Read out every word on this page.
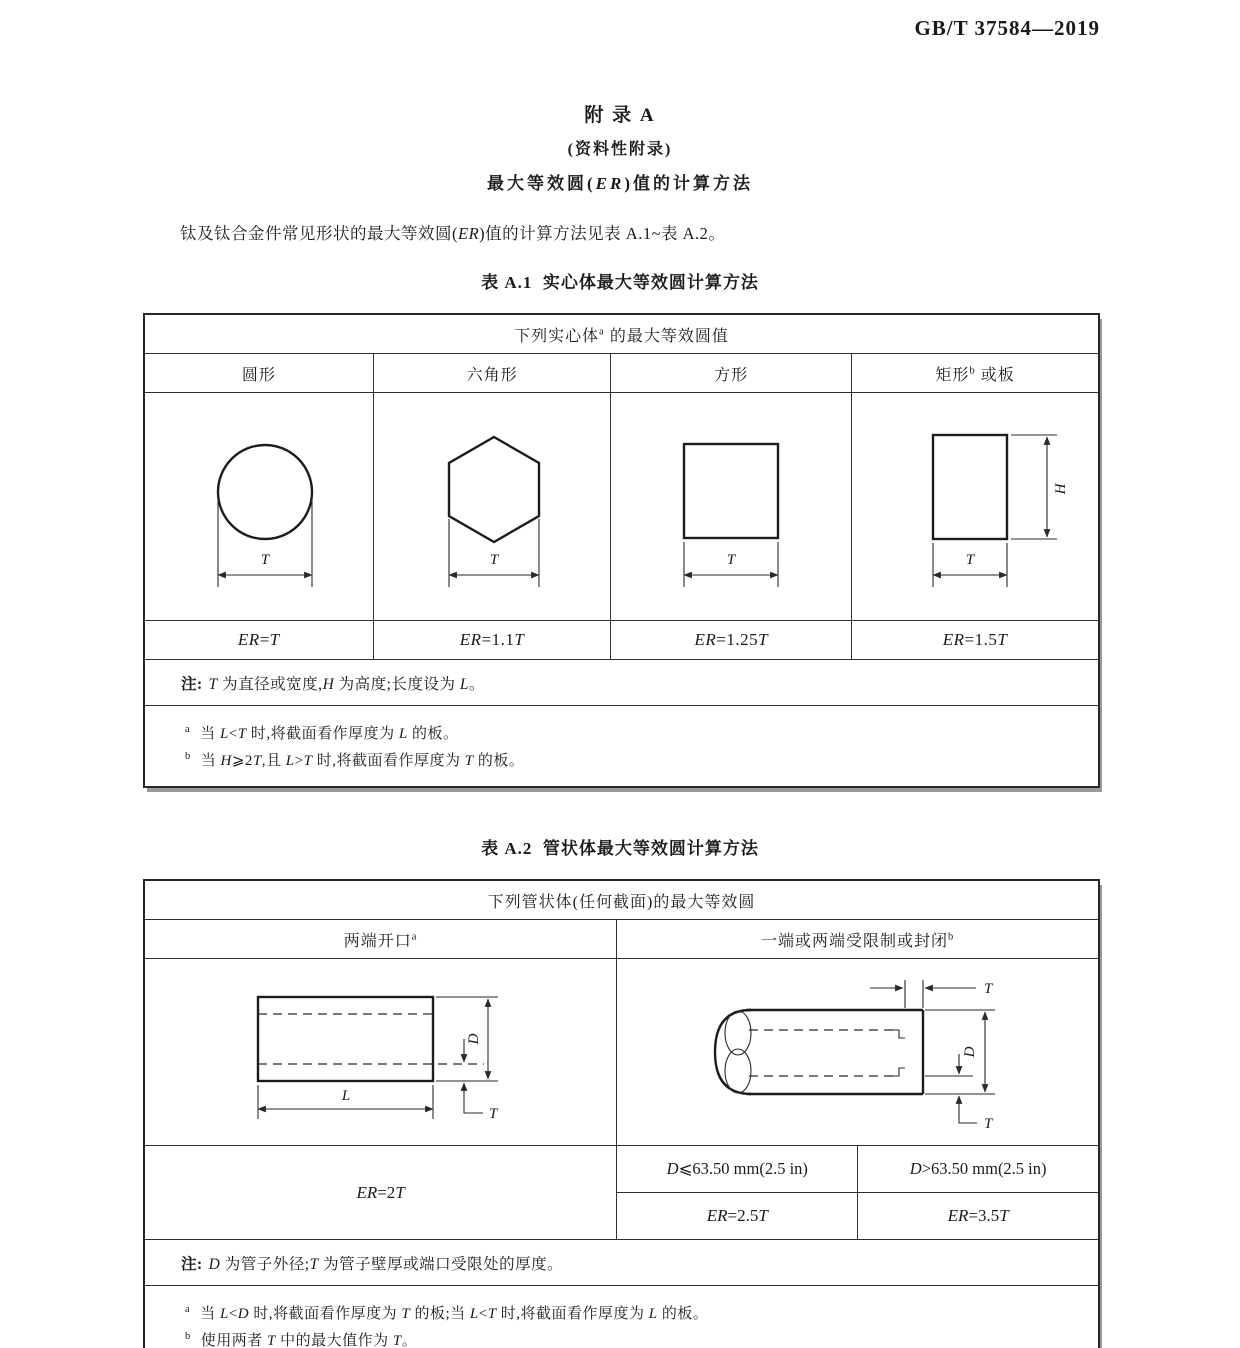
GB/T 37584—2019
附 录 A
(资料性附录)
最大等效圆(ER)值的计算方法

钛及钛合金件常见形状的最大等效圆(ER)值的计算方法见表 A.1~表 A.2。

表 A.1  实心体最大等效圆计算方法
下列实心体$^a$ 的最大等效圆值			
圆形	六角形	方形	矩形$^b$ 或板

T	T	T	T
H

ER=T	ER=1.1T	ER=1.25T	ER=1.5T
注: T 为直径或宽度,H 为高度;长度设为 L。			

$^a$ 当 L<T 时,将截面看作厚度为 L 的板。
$^b$ 当 H⩾2T,且 L>T 时,将截面看作厚度为 T 的板。			
表 A.2  管状体最大等效圆计算方法
下列管状体(任何截面)的最大等效圆		
两端开口$^a$	一端或两端受限制或封闭$^b$

L
D
T	T
D
T	

ER=2T	D⩽63.50 mm(2.5 in)	D>63.50 mm(2.5 in)
	ER=2.5T	ER=3.5T
注: D 为管子外径;T 为管子壁厚或端口受限处的厚度。		

$^a$ 当 L<D 时,将截面看作厚度为 T 的板;当 L<T 时,将截面看作厚度为 L 的板。
$^b$ 使用两者 T 中的最大值作为 T。		
